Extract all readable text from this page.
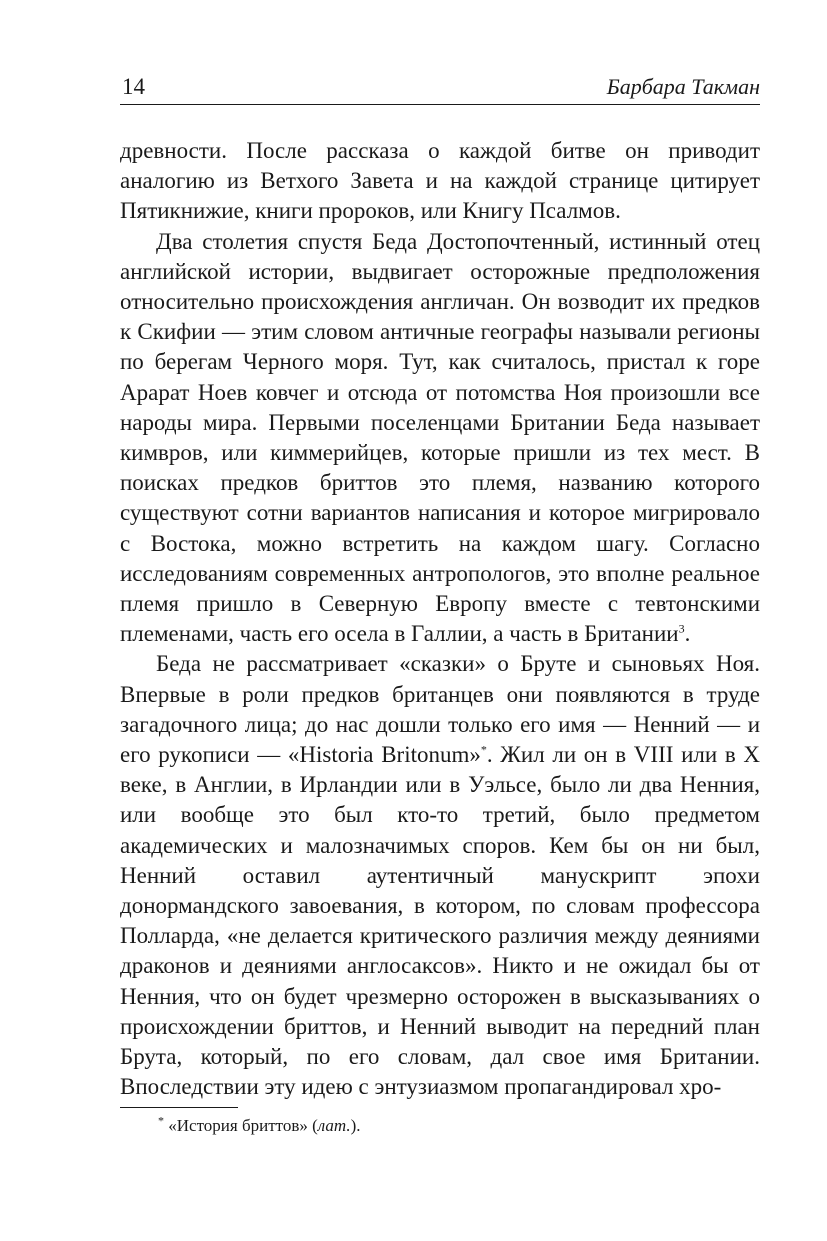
14	Барбара Такман

древности. После рассказа о каждой битве он приводит аналогию из Ветхого Завета и на каждой странице цитирует Пятикнижие, книги пророков, или Книгу Псалмов.

Два столетия спустя Беда Достопочтенный, истинный отец английской истории, выдвигает осторожные предположения относительно происхождения англичан. Он возводит их предков к Скифии — этим словом античные географы называли регионы по берегам Черного моря. Тут, как считалось, пристал к горе Арарат Ноев ковчег и отсюда от потомства Ноя произошли все народы мира. Первыми поселенцами Британии Беда называет кимвров, или киммерийцев, которые пришли из тех мест. В поисках предков бриттов это племя, названию которого существуют сотни вариантов написания и которое мигрировало с Востока, можно встретить на каждом шагу. Согласно исследованиям современных антропологов, это вполне реальное племя пришло в Северную Европу вместе с тевтонскими племенами, часть его осела в Галлии, а часть в Британии$^3$.

Беда не рассматривает «сказки» о Бруте и сыновьях Ноя. Впервые в роли предков британцев они появляются в труде загадочного лица; до нас дошли только его имя — Ненний — и его рукописи — «Historia Britonum»*. Жил ли он в VIII или в X веке, в Англии, в Ирландии или в Уэльсе, было ли два Ненния, или вообще это был кто-то третий, было предметом академических и малозначимых споров. Кем бы он ни был, Ненний оставил аутентичный манускрипт эпохи донормандского завоевания, в котором, по словам профессора Полларда, «не делается критического различия между деяниями драконов и деяниями англосаксов». Никто и не ожидал бы от Ненния, что он будет чрезмерно осторожен в высказываниях о происхождении бриттов, и Ненний выводит на передний план Брута, который, по его словам, дал свое имя Британии. Впоследствии эту идею с энтузиазмом пропагандировал хро-

* «История бриттов» (лат.).
